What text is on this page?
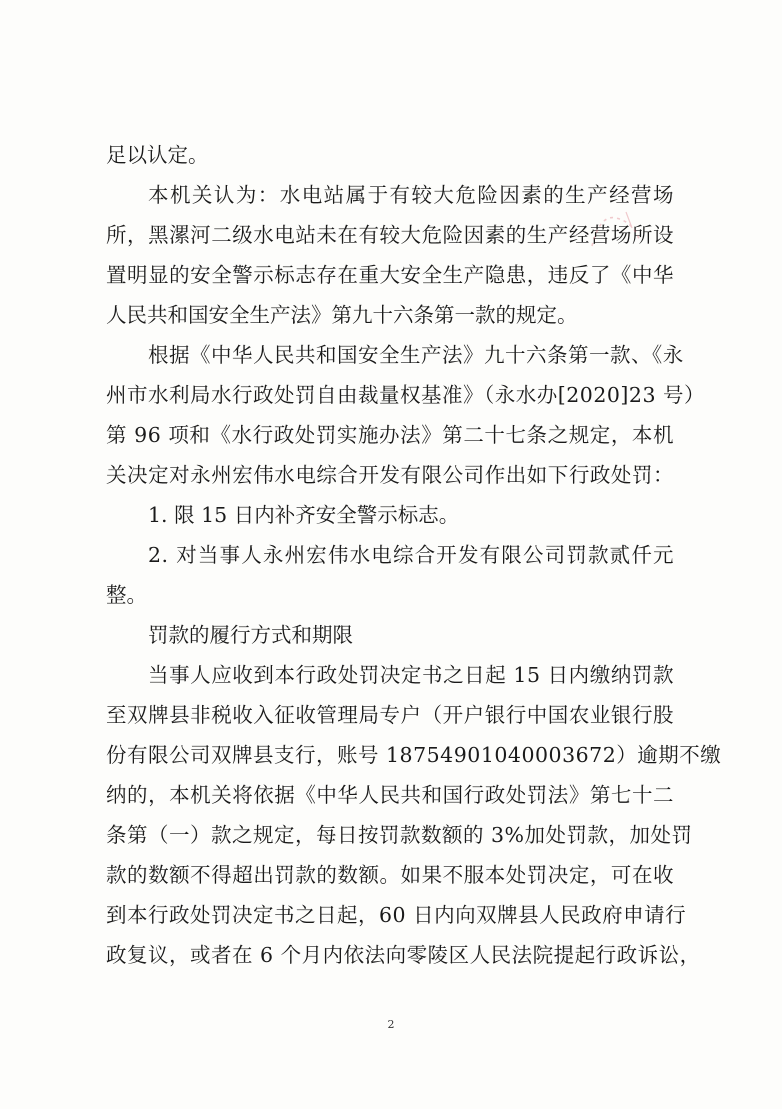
足以认定。
本机关认为：水电站属于有较大危险因素的生产经营场
所，黑漯河二级水电站未在有较大危险因素的生产经营场所设
置明显的安全警示标志存在重大安全生产隐患，违反了《中华
人民共和国安全生产法》第九十六条第一款的规定。
根据《中华人民共和国安全生产法》九十六条第一款、《永
州市水利局水行政处罚自由裁量权基准》（永水办[2020]23 号）
第 96 项和《水行政处罚实施办法》第二十七条之规定，本机
关决定对永州宏伟水电综合开发有限公司作出如下行政处罚：
1. 限 15 日内补齐安全警示标志。
2. 对当事人永州宏伟水电综合开发有限公司罚款贰仟元
整。
罚款的履行方式和期限
当事人应收到本行政处罚决定书之日起 15 日内缴纳罚款
至双牌县非税收入征收管理局专户（开户银行中国农业银行股
份有限公司双牌县支行，账号 18754901040003672）逾期不缴
纳的，本机关将依据《中华人民共和国行政处罚法》第七十二
条第（一）款之规定，每日按罚款数额的 3%加处罚款，加处罚
款的数额不得超出罚款的数额。如果不服本处罚决定，可在收
到本行政处罚决定书之日起，60 日内向双牌县人民政府申请行
政复议，或者在 6 个月内依法向零陵区人民法院提起行政诉讼，
2
